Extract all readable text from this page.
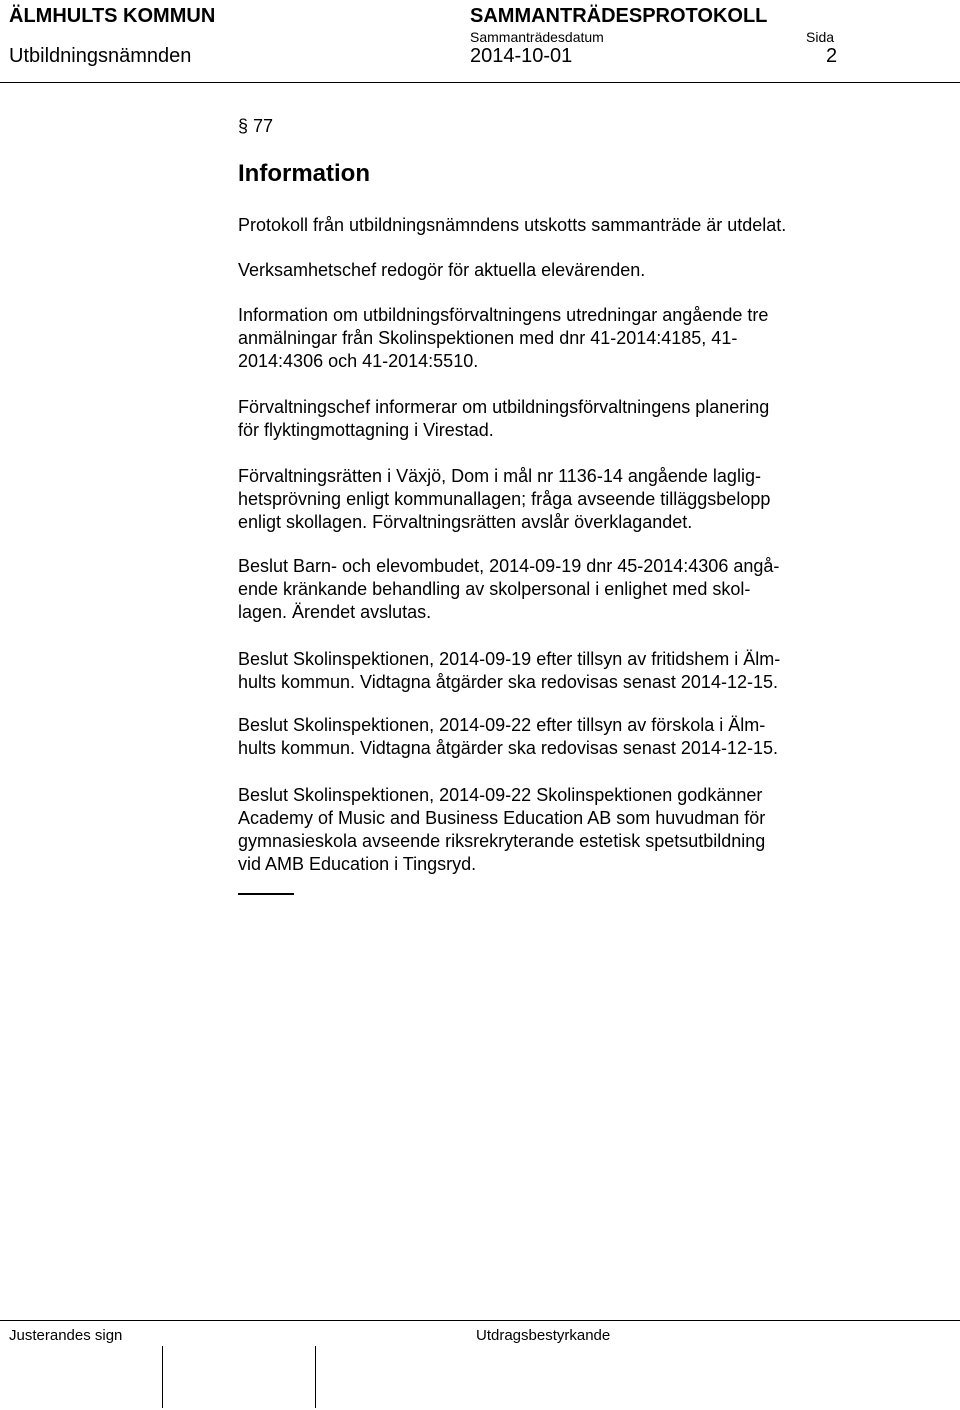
ÄLMHULTS KOMMUN	SAMMANTRÄDESPROTOKOLL
Sammanträdesdatum	Sida
Utbildningsnämnden	2014-10-01	2
§ 77
Information
Protokoll från utbildningsnämndens utskotts sammanträde är utdelat.
Verksamhetschef redogör för aktuella elevärenden.
Information om utbildningsförvaltningens utredningar angående tre
anmälningar från Skolinspektionen med dnr 41-2014:4185, 41-
2014:4306 och 41-2014:5510.
Förvaltningschef informerar om utbildningsförvaltningens planering
för flyktingmottagning i Virestad.
Förvaltningsrätten i Växjö, Dom i mål nr 1136-14 angående laglig-
hetsprövning enligt kommunallagen; fråga avseende tilläggsbelopp
enligt skollagen. Förvaltningsrätten avslår överklagandet.
Beslut Barn- och elevombudet, 2014-09-19 dnr 45-2014:4306 angå-
ende kränkande behandling av skolpersonal i enlighet med skol-
lagen. Ärendet avslutas.
Beslut Skolinspektionen, 2014-09-19 efter tillsyn av fritidshem i Älm-
hults kommun. Vidtagna åtgärder ska redovisas senast 2014-12-15.
Beslut Skolinspektionen, 2014-09-22 efter tillsyn av förskola i Älm-
hults kommun. Vidtagna åtgärder ska redovisas senast 2014-12-15.
Beslut Skolinspektionen, 2014-09-22 Skolinspektionen godkänner
Academy of Music and Business Education AB som huvudman för
gymnasieskola avseende riksrekryterande estetisk spetsutbildning
vid AMB Education i Tingsryd.
Justerandes sign	Utdragsbestyrkande
